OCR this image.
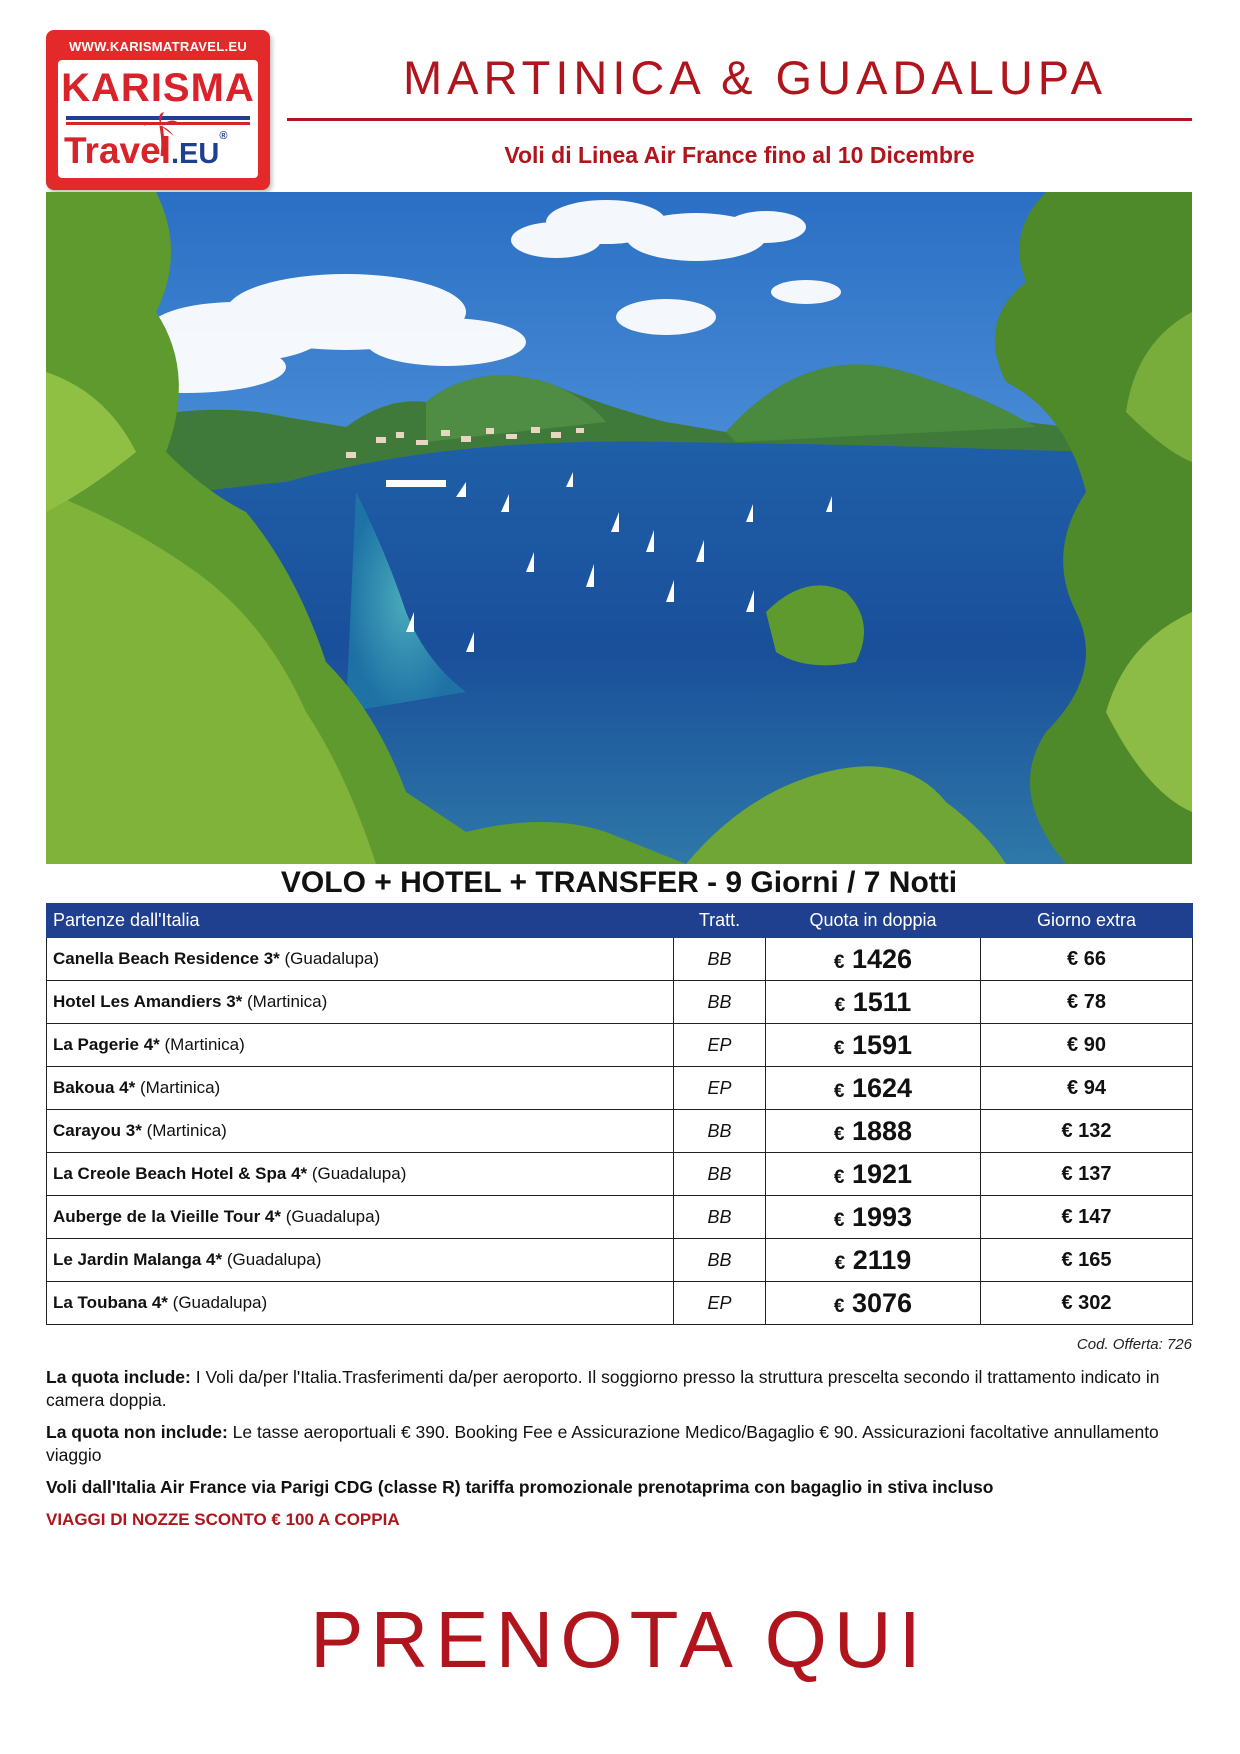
WWW.KARISMATRAVEL.EU
KARISMA
Travel.EU®
MARTINICA & GUADALUPA
Voli di Linea Air France fino al 10 Dicembre
VOLO + HOTEL + TRANSFER - 9 Giorni / 7 Notti
Partenze dall'Italia	Tratt.	Quota in doppia	Giorno extra
Canella Beach Residence 3* (Guadalupa)	BB	€ 1426	€ 66
Hotel Les Amandiers 3* (Martinica)	BB	€ 1511	€ 78
La Pagerie 4* (Martinica)	EP	€ 1591	€ 90
Bakoua 4* (Martinica)	EP	€ 1624	€ 94
Carayou 3* (Martinica)	BB	€ 1888	€ 132
La Creole Beach Hotel & Spa 4* (Guadalupa)	BB	€ 1921	€ 137
Auberge de la Vieille Tour 4* (Guadalupa)	BB	€ 1993	€ 147
Le Jardin Malanga 4* (Guadalupa)	BB	€ 2119	€ 165
La Toubana 4* (Guadalupa)	EP	€ 3076	€ 302
Cod. Offerta: 726

La quota include: I Voli da/per l'Italia.Trasferimenti da/per aeroporto. Il soggiorno presso la struttura prescelta secondo il trattamento indicato in camera doppia.

La quota non include: Le tasse aeroportuali € 390. Booking Fee e Assicurazione Medico/Bagaglio € 90. Assicurazioni facoltative annullamento viaggio

Voli dall'Italia Air France via Parigi CDG (classe R) tariffa promozionale prenotaprima con bagaglio in stiva incluso

VIAGGI DI NOZZE SCONTO € 100 A COPPIA

PRENOTA QUI
